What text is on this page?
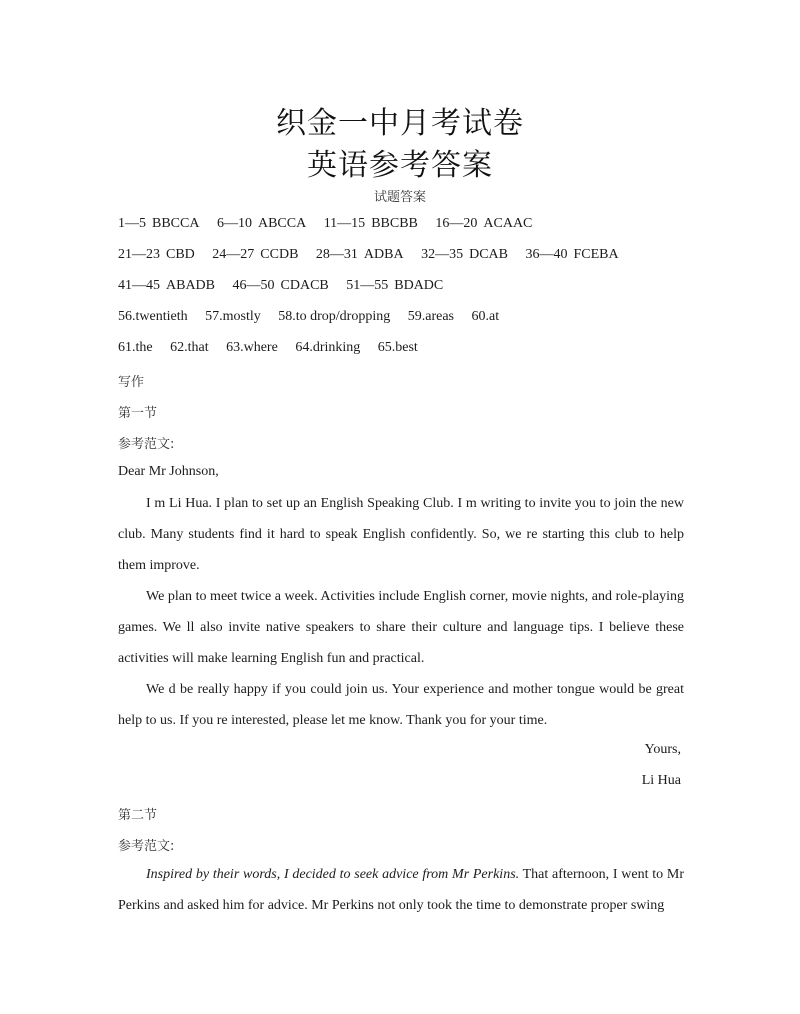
织金一中月考试卷
英语参考答案
试题答案
1—5 BBCCA 6—10 ABCCA 11—15 BBCBB 16—20 ACAAC
21—23 CBD 24—27 CCDB 28—31 ADBA 32—35 DCAB 36—40 FCEBA
41—45 ABADB 46—50 CDACB 51—55 BDADC
56.twentieth 57.mostly 58.to drop/dropping 59.areas 60.at
61.the 62.that 63.where 64.drinking 65.best
写作
第一节
参考范文:
Dear Mr Johnson,
I m Li Hua. I plan to set up an English Speaking Club. I m writing to invite you to join the new club. Many students find it hard to speak English confidently. So, we re starting this club to help them improve.
We plan to meet twice a week. Activities include English corner, movie nights, and role-playing games. We ll also invite native speakers to share their culture and language tips. I believe these activities will make learning English fun and practical.
We d be really happy if you could join us. Your experience and mother tongue would be great help to us. If you re interested, please let me know. Thank you for your time.
Yours,
Li Hua
第二节
参考范文:
Inspired by their words, I decided to seek advice from Mr Perkins. That afternoon, I went to Mr Perkins and asked him for advice. Mr Perkins not only took the time to demonstrate proper swing
